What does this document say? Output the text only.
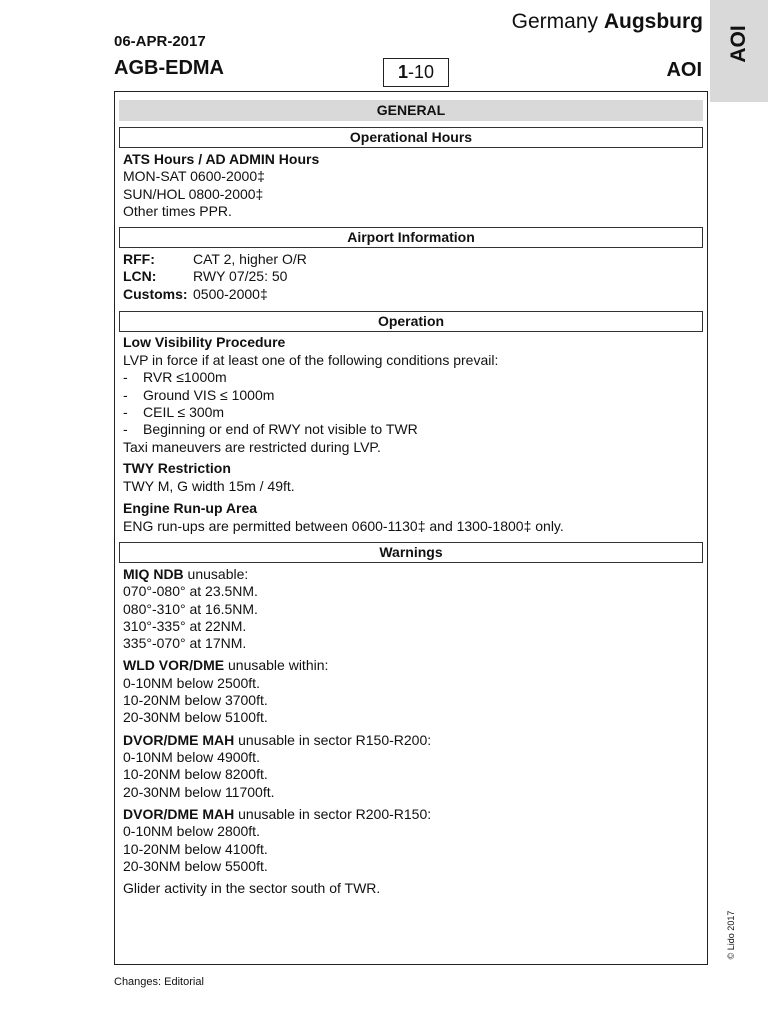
AOI
Germany Augsburg
06-APR-2017
AGB-EDMA	1-10	AOI
GENERAL
Operational Hours
ATS Hours / AD ADMIN Hours
MON-SAT 0600-2000‡
SUN/HOL 0800-2000‡
Other times PPR.
Airport Information
RFF:	CAT 2, higher O/R
LCN:	RWY 07/25: 50
Customs: 0500-2000‡
Operation
Low Visibility Procedure
LVP in force if at least one of the following conditions prevail:
- RVR ≤1000m
- Ground VIS ≤ 1000m
- CEIL ≤ 300m
- Beginning or end of RWY not visible to TWR
Taxi maneuvers are restricted during LVP.
TWY Restriction
TWY M, G width 15m / 49ft.
Engine Run-up Area
ENG run-ups are permitted between 0600-1130‡ and 1300-1800‡ only.
Warnings
MIQ NDB unusable:
070°-080° at 23.5NM.
080°-310° at 16.5NM.
310°-335° at 22NM.
335°-070° at 17NM.
WLD VOR/DME unusable within:
0-10NM below 2500ft.
10-20NM below 3700ft.
20-30NM below 5100ft.
DVOR/DME MAH unusable in sector R150-R200:
0-10NM below 4900ft.
10-20NM below 8200ft.
20-30NM below 11700ft.
DVOR/DME MAH unusable in sector R200-R150:
0-10NM below 2800ft.
10-20NM below 4100ft.
20-30NM below 5500ft.
Glider activity in the sector south of TWR.
Changes: Editorial
© Lido 2017
